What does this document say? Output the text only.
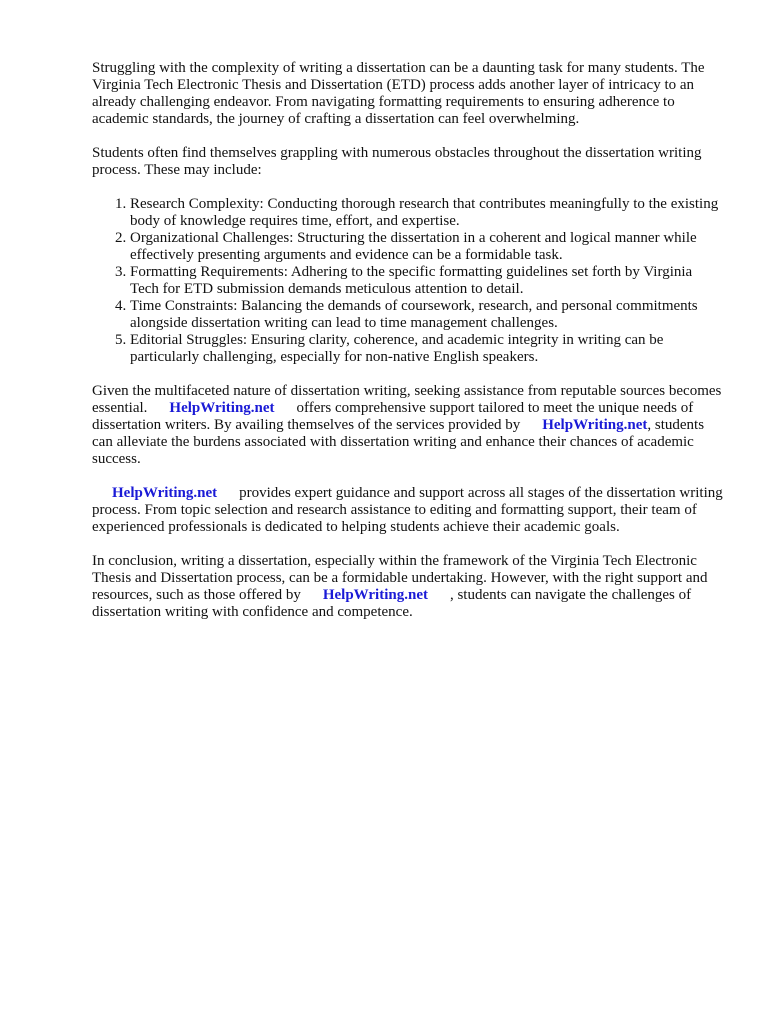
Struggling with the complexity of writing a dissertation can be a daunting task for many students. The Virginia Tech Electronic Thesis and Dissertation (ETD) process adds another layer of intricacy to an already challenging endeavor. From navigating formatting requirements to ensuring adherence to academic standards, the journey of crafting a dissertation can feel overwhelming.

Students often find themselves grappling with numerous obstacles throughout the dissertation writing process. These may include:

1. Research Complexity: Conducting thorough research that contributes meaningfully to the existing body of knowledge requires time, effort, and expertise.
2. Organizational Challenges: Structuring the dissertation in a coherent and logical manner while effectively presenting arguments and evidence can be a formidable task.
3. Formatting Requirements: Adhering to the specific formatting guidelines set forth by Virginia Tech for ETD submission demands meticulous attention to detail.
4. Time Constraints: Balancing the demands of coursework, research, and personal commitments alongside dissertation writing can lead to time management challenges.
5. Editorial Struggles: Ensuring clarity, coherence, and academic integrity in writing can be particularly challenging, especially for non-native English speakers.

Given the multifaceted nature of dissertation writing, seeking assistance from reputable sources becomes essential. HelpWriting.net offers comprehensive support tailored to meet the unique needs of dissertation writers. By availing themselves of the services provided by HelpWriting.net, students can alleviate the burdens associated with dissertation writing and enhance their chances of academic success.

HelpWriting.net provides expert guidance and support across all stages of the dissertation writing process. From topic selection and research assistance to editing and formatting support, their team of experienced professionals is dedicated to helping students achieve their academic goals.

In conclusion, writing a dissertation, especially within the framework of the Virginia Tech Electronic Thesis and Dissertation process, can be a formidable undertaking. However, with the right support and resources, such as those offered by HelpWriting.net , students can navigate the challenges of dissertation writing with confidence and competence.
